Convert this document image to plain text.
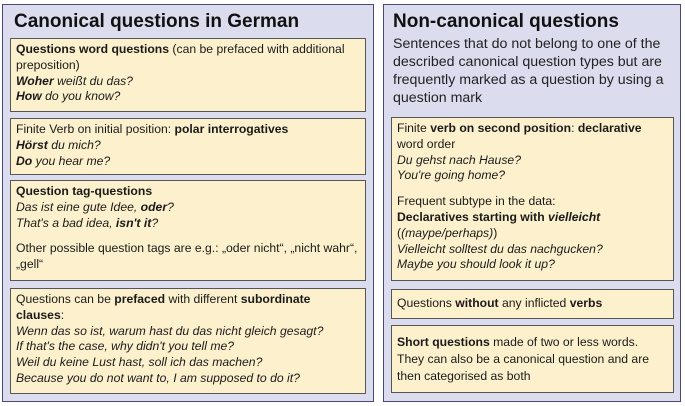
Canonical questions in German
Questions word questions (can be prefaced with additional preposition)
Woher weißt du das?
How do you know?
Finite Verb on initial position: polar interrogatives
Hörst du mich?
Do you hear me?
Question tag-questions
Das ist eine gute Idee, oder?
That's a bad idea, isn't it?
Other possible question tags are e.g.: „oder nicht“, „nicht wahr“, „gell“
Questions can be prefaced with different subordinate clauses:
Wenn das so ist, warum hast du das nicht gleich gesagt?
If that's the case, why didn't you tell me?
Weil du keine Lust hast, soll ich das machen?
Because you do not want to, I am supposed to do it?
Non-canonical questions
Sentences that do not belong to one of the described canonical question types but are frequently marked as a question by using a question mark
Finite verb on second position: declarative word order
Du gehst nach Hause?
You're going home?
Frequent subtype in the data:
Declaratives starting with vielleicht
((maype/perhaps))
Vielleicht solltest du das nachgucken?
Maybe you should look it up?
Questions without any inflicted verbs
Short questions made of two or less words. They can also be a canonical question and are then categorised as both
